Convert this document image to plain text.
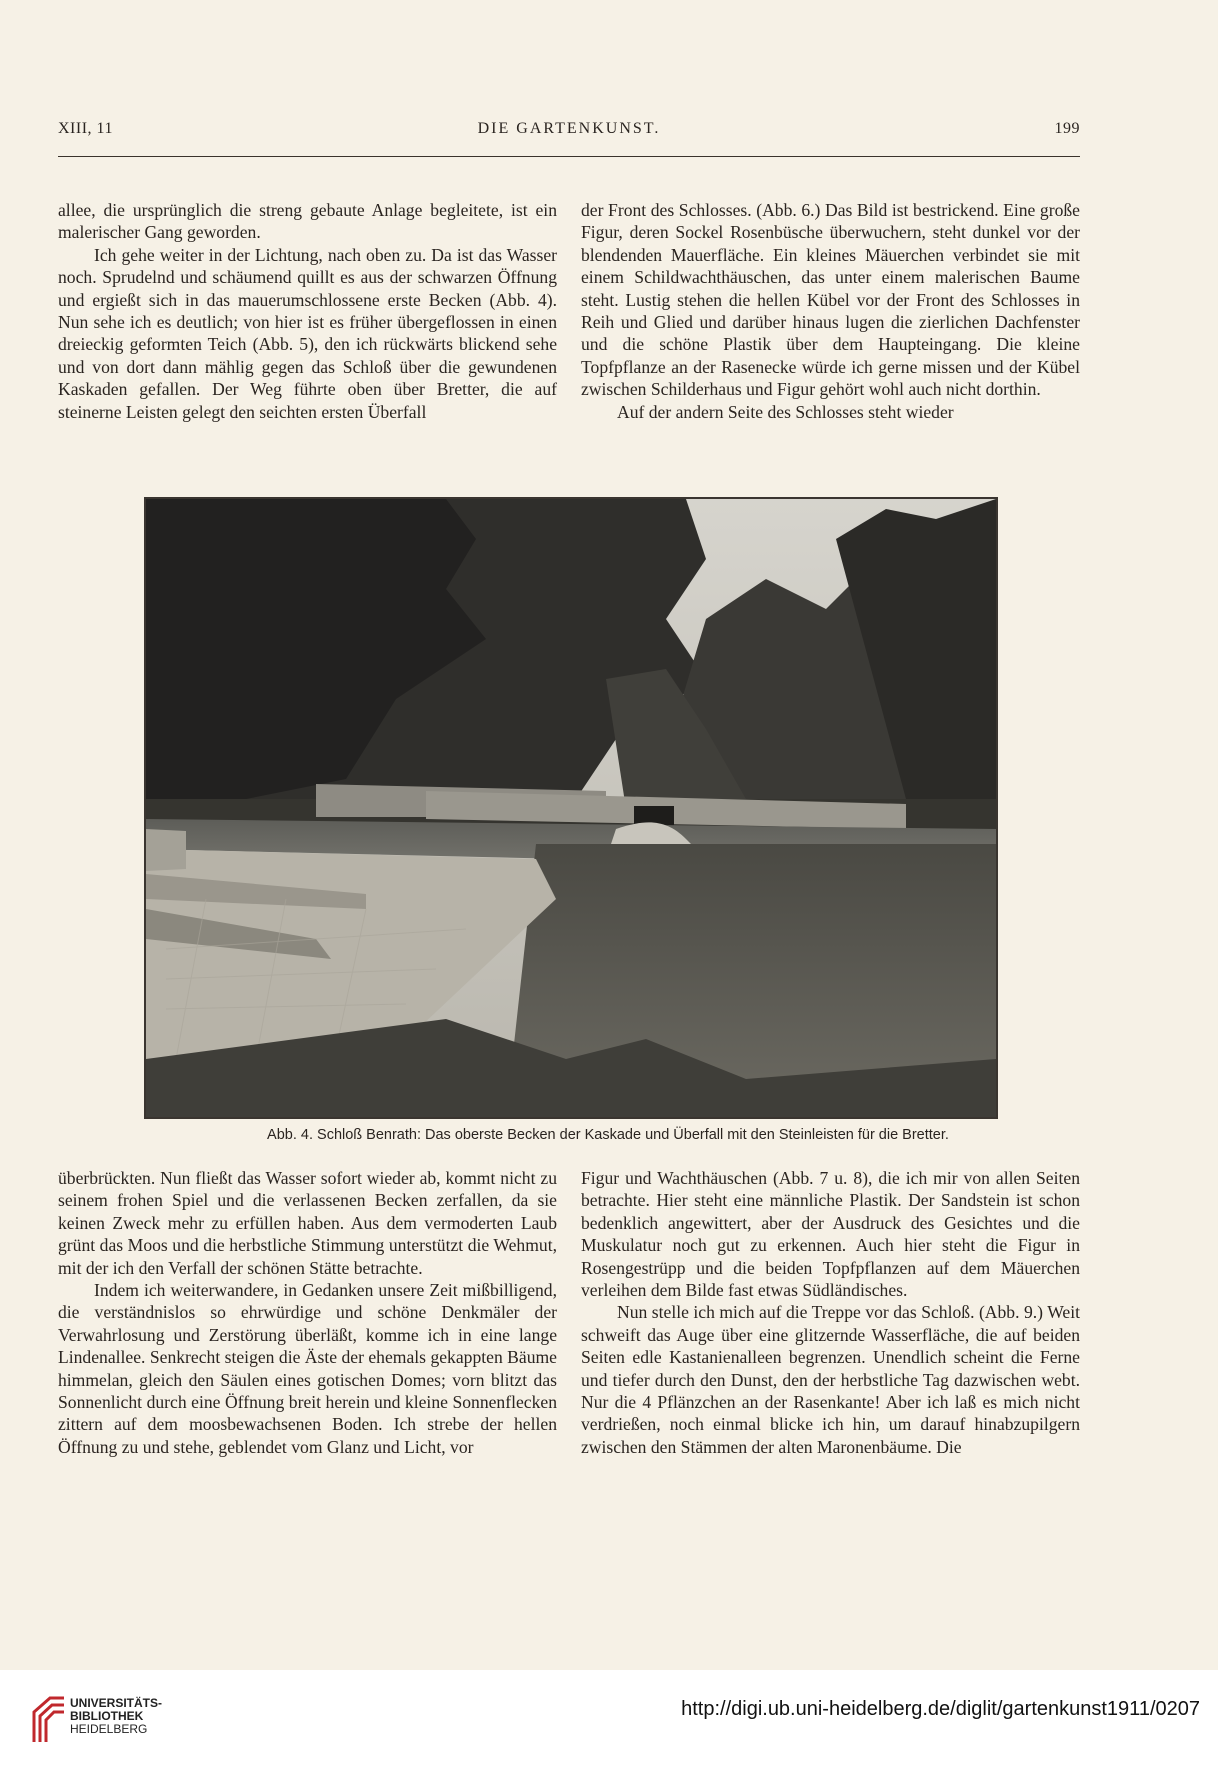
XIII, 11	DIE GARTENKUNST.	199

allee, die ursprünglich die streng gebaute Anlage begleitete, ist ein malerischer Gang geworden.

Ich gehe weiter in der Lichtung, nach oben zu. Da ist das Wasser noch. Sprudelnd und schäumend quillt es aus der schwarzen Öffnung und ergießt sich in das mauerumschlossene erste Becken (Abb. 4). Nun sehe ich es deutlich; von hier ist es früher übergeflossen in einen dreieckig geformten Teich (Abb. 5), den ich rückwärts blickend sehe und von dort dann mählig gegen das Schloß über die gewundenen Kaskaden gefallen. Der Weg führte oben über Bretter, die auf steinerne Leisten gelegt den seichten ersten Überfall

der Front des Schlosses. (Abb. 6.) Das Bild ist bestrickend. Eine große Figur, deren Sockel Rosenbüsche überwuchern, steht dunkel vor der blendenden Mauerfläche. Ein kleines Mäuerchen verbindet sie mit einem Schildwachthäuschen, das unter einem malerischen Baume steht. Lustig stehen die hellen Kübel vor der Front des Schlosses in Reih und Glied und darüber hinaus lugen die zierlichen Dachfenster und die schöne Plastik über dem Haupteingang. Die kleine Topfpflanze an der Rasenecke würde ich gerne missen und der Kübel zwischen Schilderhaus und Figur gehört wohl auch nicht dorthin.

Auf der andern Seite des Schlosses steht wieder

Abb. 4. Schloß Benrath: Das oberste Becken der Kaskade und Überfall mit den Steinleisten für die Bretter.

überbrückten. Nun fließt das Wasser sofort wieder ab, kommt nicht zu seinem frohen Spiel und die verlassenen Becken zerfallen, da sie keinen Zweck mehr zu erfüllen haben. Aus dem vermoderten Laub grünt das Moos und die herbstliche Stimmung unterstützt die Wehmut, mit der ich den Verfall der schönen Stätte betrachte.

Indem ich weiterwandere, in Gedanken unsere Zeit mißbilligend, die verständnislos so ehrwürdige und schöne Denkmäler der Verwahrlosung und Zerstörung überläßt, komme ich in eine lange Lindenallee. Senkrecht steigen die Äste der ehemals gekappten Bäume himmelan, gleich den Säulen eines gotischen Domes; vorn blitzt das Sonnenlicht durch eine Öffnung breit herein und kleine Sonnenflecken zittern auf dem moosbewachsenen Boden. Ich strebe der hellen Öffnung zu und stehe, geblendet vom Glanz und Licht, vor

Figur und Wachthäuschen (Abb. 7 u. 8), die ich mir von allen Seiten betrachte. Hier steht eine männliche Plastik. Der Sandstein ist schon bedenklich angewittert, aber der Ausdruck des Gesichtes und die Muskulatur noch gut zu erkennen. Auch hier steht die Figur in Rosengestrüpp und die beiden Topfpflanzen auf dem Mäuerchen verleihen dem Bilde fast etwas Südländisches.

Nun stelle ich mich auf die Treppe vor das Schloß. (Abb. 9.) Weit schweift das Auge über eine glitzernde Wasserfläche, die auf beiden Seiten edle Kastanienalleen begrenzen. Unendlich scheint die Ferne und tiefer durch den Dunst, den der herbstliche Tag dazwischen webt. Nur die 4 Pflänzchen an der Rasenkante! Aber ich laß es mich nicht verdrießen, noch einmal blicke ich hin, um darauf hinabzupilgern zwischen den Stämmen der alten Maronenbäume. Die

UNIVERSITÄTS-
BIBLIOTHEK
HEIDELBERG
http://digi.ub.uni-heidelberg.de/diglit/gartenkunst1911/0207
